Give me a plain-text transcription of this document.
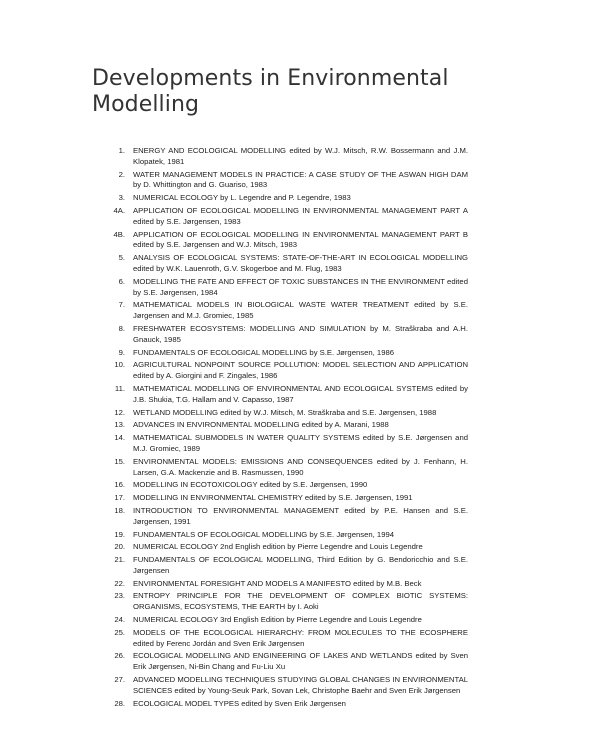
Developments in Environmental
Modelling
1.	ENERGY AND ECOLOGICAL MODELLING edited by W.J. Mitsch, R.W. Bossermann and J.M. Klopatek, 1981
2.	WATER MANAGEMENT MODELS IN PRACTICE: A CASE STUDY OF THE ASWAN HIGH DAM by D. Whittington and G. Guariso, 1983
3.	NUMERICAL ECOLOGY by L. Legendre and P. Legendre, 1983
4A.	APPLICATION OF ECOLOGICAL MODELLING IN ENVIRONMENTAL MANAGEMENT PART A edited by S.E. Jørgensen, 1983
4B.	APPLICATION OF ECOLOGICAL MODELLING IN ENVIRONMENTAL MANAGEMENT PART B edited by S.E. Jørgensen and W.J. Mitsch, 1983
5.	ANALYSIS OF ECOLOGICAL SYSTEMS: STATE-OF-THE-ART IN ECOLOGICAL MODELLING edited by W.K. Lauenroth, G.V. Skogerboe and M. Flug, 1983
6.	MODELLING THE FATE AND EFFECT OF TOXIC SUBSTANCES IN THE ENVIRONMENT edited by S.E. Jørgensen, 1984
7.	MATHEMATICAL MODELS IN BIOLOGICAL WASTE WATER TREATMENT edited by S.E. Jørgensen and M.J. Gromiec, 1985
8.	FRESHWATER ECOSYSTEMS: MODELLING AND SIMULATION by M. Straškraba and A.H. Gnauck, 1985
9.	FUNDAMENTALS OF ECOLOGICAL MODELLING by S.E. Jørgensen, 1986
10.	AGRICULTURAL NONPOINT SOURCE POLLUTION: MODEL SELECTION AND APPLICATION edited by A. Giorgini and F. Zingales, 1986
11.	MATHEMATICAL MODELLING OF ENVIRONMENTAL AND ECOLOGICAL SYSTEMS edited by J.B. Shukia, T.G. Hallam and V. Capasso, 1987
12.	WETLAND MODELLING edited by W.J. Mitsch, M. Straškraba and S.E. Jørgensen, 1988
13.	ADVANCES IN ENVIRONMENTAL MODELLING edited by A. Marani, 1988
14.	MATHEMATICAL SUBMODELS IN WATER QUALITY SYSTEMS edited by S.E. Jørgensen and M.J. Gromiec, 1989
15.	ENVIRONMENTAL MODELS: EMISSIONS AND CONSEQUENCES edited by J. Fenhann, H. Larsen, G.A. Mackenzie and B. Rasmussen, 1990
16.	MODELLING IN ECOTOXICOLOGY edited by S.E. Jørgensen, 1990
17.	MODELLING IN ENVIRONMENTAL CHEMISTRY edited by S.E. Jørgensen, 1991
18.	INTRODUCTION TO ENVIRONMENTAL MANAGEMENT edited by P.E. Hansen and S.E. Jørgensen, 1991
19.	FUNDAMENTALS OF ECOLOGICAL MODELLING by S.E. Jørgensen, 1994
20.	NUMERICAL ECOLOGY 2nd English edition by Pierre Legendre and Louis Legendre
21.	FUNDAMENTALS OF ECOLOGICAL MODELLING, Third Edition by G. Bendoricchio and S.E. Jørgensen
22.	ENVIRONMENTAL FORESIGHT AND MODELS A MANIFESTO edited by M.B. Beck
23.	ENTROPY PRINCIPLE FOR THE DEVELOPMENT OF COMPLEX BIOTIC SYSTEMS: ORGANISMS, ECOSYSTEMS, THE EARTH by I. Aoki
24.	NUMERICAL ECOLOGY 3rd English Edition by Pierre Legendre and Louis Legendre
25.	MODELS OF THE ECOLOGICAL HIERARCHY: FROM MOLECULES TO THE ECOSPHERE edited by Ferenc Jordán and Sven Erik Jørgensen
26.	ECOLOGICAL MODELLING AND ENGINEERING OF LAKES AND WETLANDS edited by Sven Erik Jørgensen, Ni-Bin Chang and Fu-Liu Xu
27.	ADVANCED MODELLING TECHNIQUES STUDYING GLOBAL CHANGES IN ENVIRONMENTAL SCIENCES edited by Young-Seuk Park, Sovan Lek, Christophe Baehr and Sven Erik Jørgensen
28.	ECOLOGICAL MODEL TYPES edited by Sven Erik Jørgensen
